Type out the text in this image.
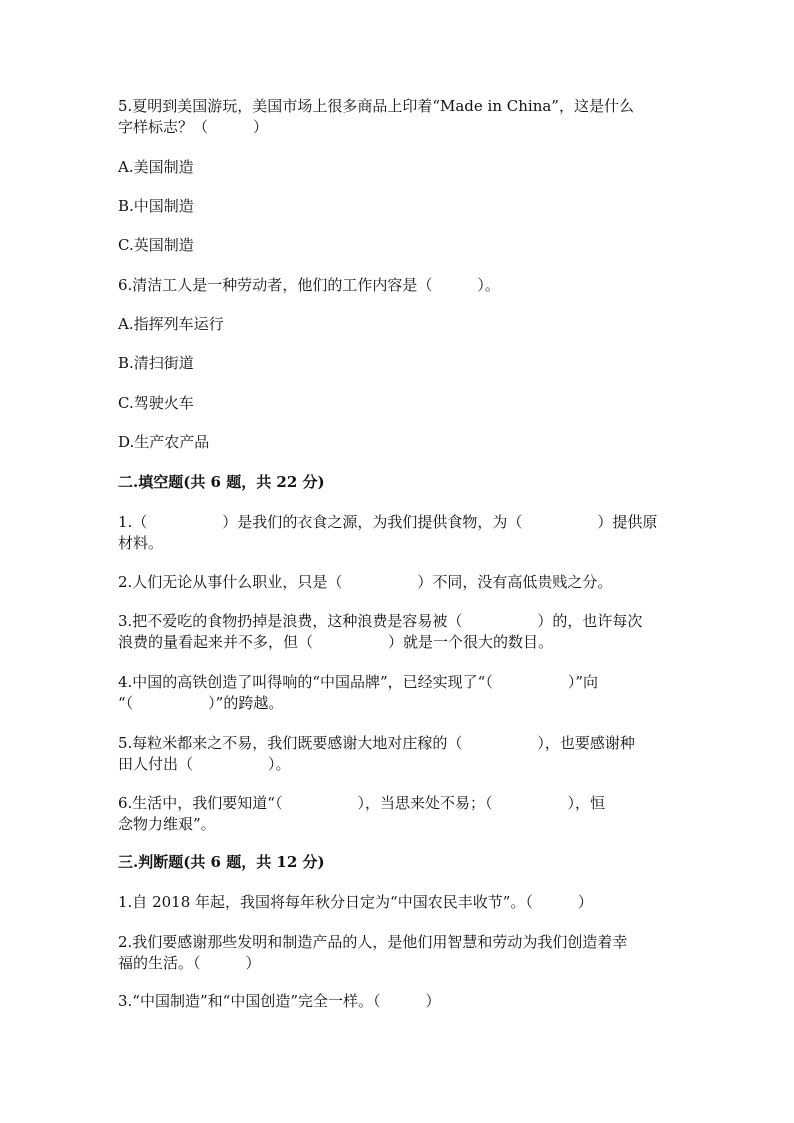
5.夏明到美国游玩，美国市场上很多商品上印着“Made in China”，这是什么
字样标志？（　　　）
A.美国制造
B.中国制造
C.英国制造
6.清洁工人是一种劳动者，他们的工作内容是（　　　）。
A.指挥列车运行
B.清扫街道
C.驾驶火车
D.生产农产品
二.填空题(共 6 题，共 22 分)
1.（　　　　　）是我们的衣食之源，为我们提供食物，为（　　　　　）提供原
材料。
2.人们无论从事什么职业，只是（　　　　　）不同，没有高低贵贱之分。
3.把不爱吃的食物扔掉是浪费，这种浪费是容易被（　　　　　）的，也许每次
浪费的量看起来并不多，但（　　　　　）就是一个很大的数目。
4.中国的高铁创造了叫得响的“中国品牌”，已经实现了“（　　　　　）”向
“（　　　　　）”的跨越。
5.每粒米都来之不易，我们既要感谢大地对庄稼的（　　　　　），也要感谢种
田人付出（　　　　　）。
6.生活中，我们要知道“（　　　　　），当思来处不易；（　　　　　），恒
念物力维艰”。
三.判断题(共 6 题，共 12 分)
1.自 2018 年起，我国将每年秋分日定为“中国农民丰收节”。（　　　）
2.我们要感谢那些发明和制造产品的人，是他们用智慧和劳动为我们创造着幸
福的生活。（　　　）
3.“中国制造”和“中国创造”完全一样。（　　　）
